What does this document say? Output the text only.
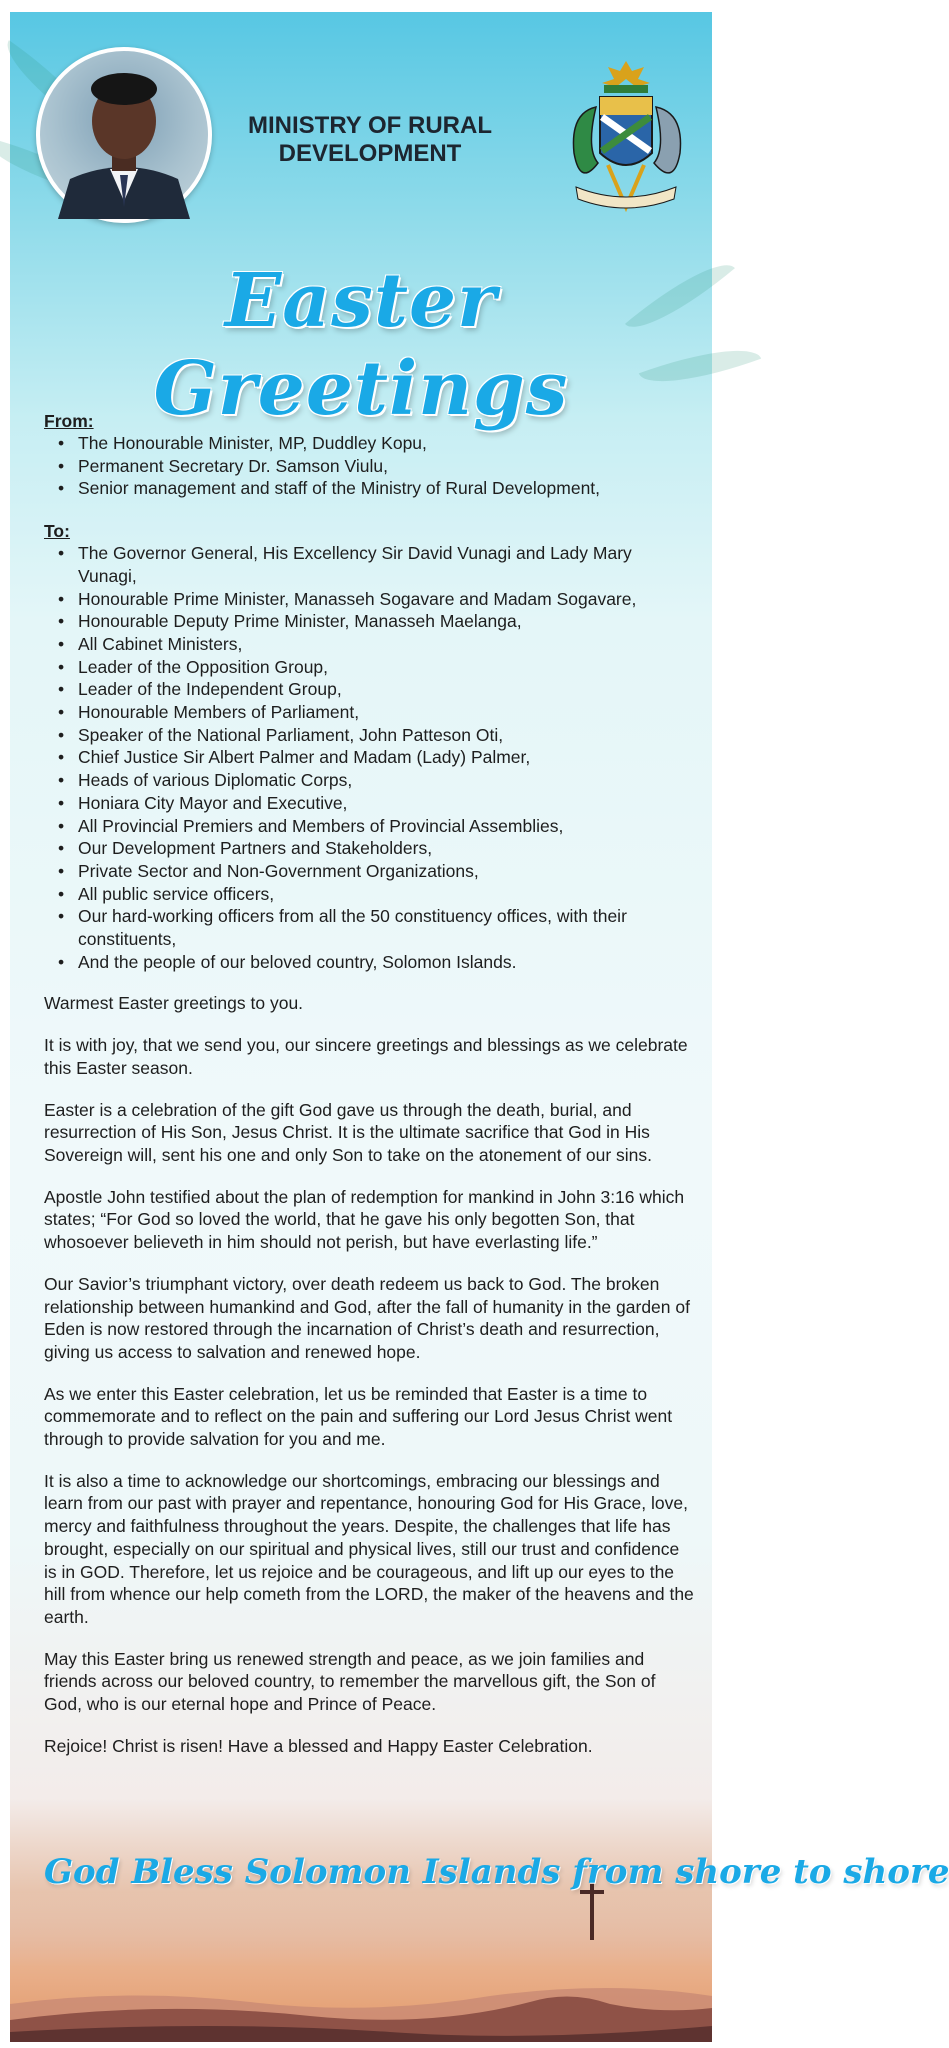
MINISTRY OF RURAL DEVELOPMENT
Easter Greetings

From:

• The Honourable Minister, MP, Duddley Kopu,
• Permanent Secretary Dr. Samson Viulu,
• Senior management and staff of the Ministry of Rural Development,

To:

• The Governor General, His Excellency Sir David Vunagi and Lady Mary Vunagi,
• Honourable Prime Minister, Manasseh Sogavare and Madam Sogavare,
• Honourable Deputy Prime Minister, Manasseh Maelanga,
• All Cabinet Ministers,
• Leader of the Opposition Group,
• Leader of the Independent Group,
• Honourable Members of Parliament,
• Speaker of the National Parliament, John Patteson Oti,
• Chief Justice Sir Albert Palmer and Madam (Lady) Palmer,
• Heads of various Diplomatic Corps,
• Honiara City Mayor and Executive,
• All Provincial Premiers and Members of Provincial Assemblies,
• Our Development Partners and Stakeholders,
• Private Sector and Non-Government Organizations,
• All public service officers,
• Our hard-working officers from all the 50 constituency offices, with their constituents,
• And the people of our beloved country, Solomon Islands.

Warmest Easter greetings to you.

It is with joy, that we send you, our sincere greetings and blessings as we celebrate this Easter season.

Easter is a celebration of the gift God gave us through the death, burial, and resurrection of His Son, Jesus Christ. It is the ultimate sacrifice that God in His Sovereign will, sent his one and only Son to take on the atonement of our sins.

Apostle John testified about the plan of redemption for mankind in John 3:16 which states; “For God so loved the world, that he gave his only begotten Son, that whosoever believeth in him should not perish, but have everlasting life.”

Our Savior’s triumphant victory, over death redeem us back to God. The broken relationship between humankind and God, after the fall of humanity in the garden of Eden is now restored through the incarnation of Christ’s death and resurrection, giving us access to salvation and renewed hope.

As we enter this Easter celebration, let us be reminded that Easter is a time to commemorate and to reflect on the pain and suffering our Lord Jesus Christ went through to provide salvation for you and me.

It is also a time to acknowledge our shortcomings, embracing our blessings and learn from our past with prayer and repentance, honouring God for His Grace, love, mercy and faithfulness throughout the years. Despite, the challenges that life has brought, especially on our spiritual and physical lives, still our trust and confidence is in GOD. Therefore, let us rejoice and be courageous, and lift up our eyes to the hill from whence our help cometh from the LORD, the maker of the heavens and the earth.

May this Easter bring us renewed strength and peace, as we join families and friends across our beloved country, to remember the marvellous gift, the Son of God, who is our eternal hope and Prince of Peace.

Rejoice! Christ is risen! Have a blessed and Happy Easter Celebration.

God Bless Solomon Islands from shore to shore
